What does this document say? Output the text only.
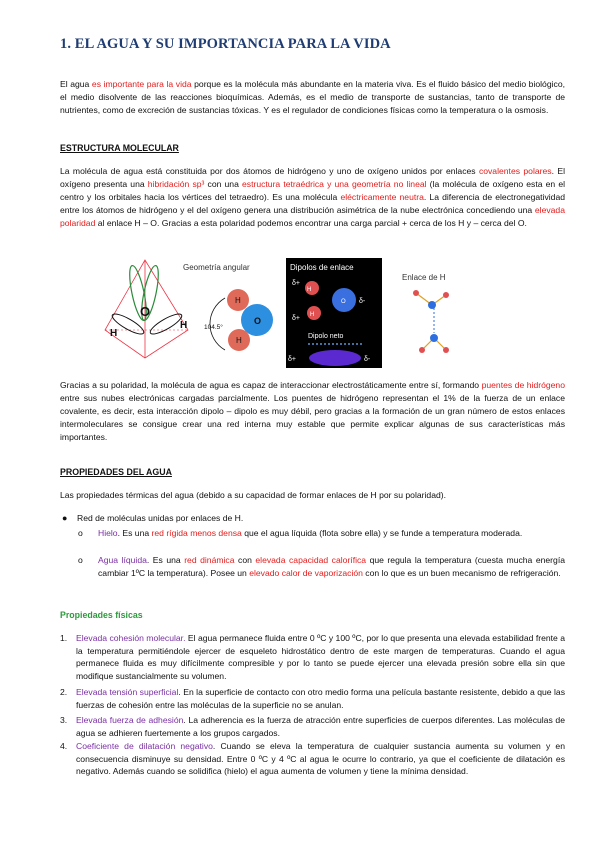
1. EL AGUA Y SU IMPORTANCIA PARA LA VIDA

El agua es importante para la vida porque es la molécula más abundante en la materia viva. Es el fluido básico del medio biológico, el medio disolvente de las reacciones bioquímicas. Además, es el medio de transporte de sustancias, tanto de transporte de nutrientes, como de excreción de sustancias tóxicas. Y es el regulador de condiciones físicas como la temperatura o la osmosis.

ESTRUCTURA MOLECULAR

La molécula de agua está constituida por dos átomos de hidrógeno y uno de oxígeno unidos por enlaces covalentes polares. El oxígeno presenta una hibridación sp³ con una estructura tetraédrica y una geometría no lineal (la molécula de oxígeno esta en el centro y los orbitales hacia los vértices del tetraedro). Es una molécula eléctricamente neutra. La diferencia de electronegatividad entre los átomos de hidrógeno y el del oxígeno genera una distribución asimétrica de la nube electrónica concediendo una elevada polaridad al enlace H – O. Gracias a esta polaridad podemos encontrar una carga parcial + cerca de los H y – cerca del O.

O
H
H
Geometría angular
104.5°
O
H
H
Dipolos de enlace
δ+
δ+
δ-
H
H
O
Dipolo neto
δ+	δ-
Enlace de H

Gracias a su polaridad, la molécula de agua es capaz de interaccionar electrostáticamente entre sí, formando puentes de hidrógeno entre sus nubes electrónicas cargadas parcialmente. Los puentes de hidrógeno representan el 1% de la fuerza de un enlace covalente, es decir, esta interacción dipolo – dipolo es muy débil, pero gracias a la formación de un gran número de estos enlaces intermoleculares se consigue crear una red interna muy estable que permite explicar algunas de sus características más importantes.

PROPIEDADES DEL AGUA

Las propiedades térmicas del agua (debido a su capacidad de formar enlaces de H por su polaridad).

● Red de moléculas unidas por enlaces de H.
o Hielo. Es una red rígida menos densa que el agua líquida (flota sobre ella) y se funde a temperatura moderada.
o Agua líquida. Es una red dinámica con elevada capacidad calorífica que regula la temperatura (cuesta mucha energía cambiar 1ºC la temperatura). Posee un elevado calor de vaporización con lo que es un buen mecanismo de refrigeración.

Propiedades físicas

1. Elevada cohesión molecular. El agua permanece fluida entre 0 ºC y 100 ºC, por lo que presenta una elevada estabilidad frente a la temperatura permitiéndole ejercer de esqueleto hidrostático dentro de este margen de temperaturas. Cuando el agua permanece fluida es muy difícilmente compresible y por lo tanto se puede ejercer una elevada presión sobre ella sin que modifique sustancialmente su volumen.
2. Elevada tensión superficial. En la superficie de contacto con otro medio forma una película bastante resistente, debido a que las fuerzas de cohesión entre las moléculas de la superficie no se anulan.
3. Elevada fuerza de adhesión. La adherencia es la fuerza de atracción entre superficies de cuerpos diferentes. Las moléculas de agua se adhieren fuertemente a los grupos cargados.
4. Coeficiente de dilatación negativo. Cuando se eleva la temperatura de cualquier sustancia aumenta su volumen y en consecuencia disminuye su densidad. Entre 0 ºC y 4 ºC al agua le ocurre lo contrario, ya que el coeficiente de dilatación es negativo. Además cuando se solidifica (hielo) el agua aumenta de volumen y tiene la mínima densidad.
